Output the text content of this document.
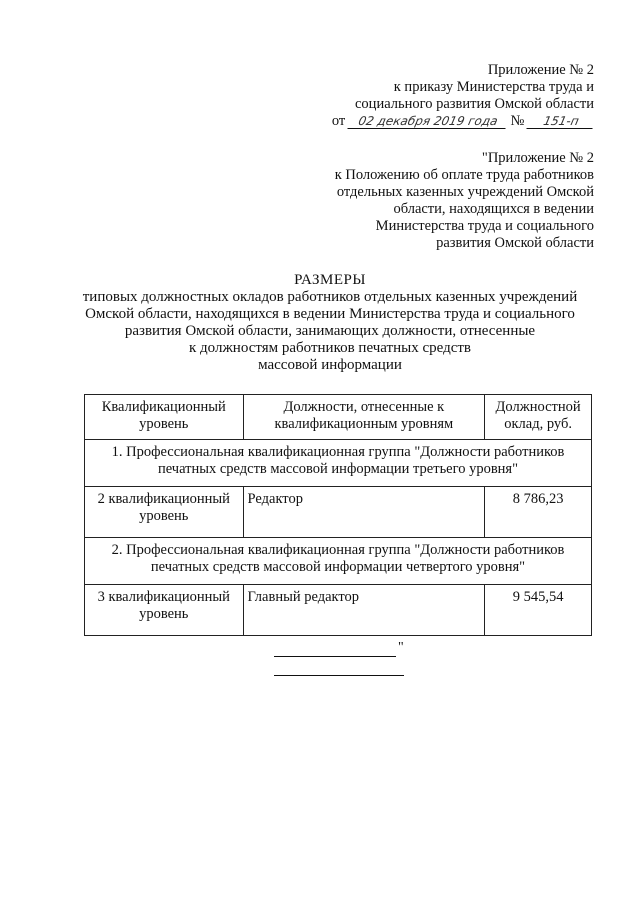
Приложение № 2
к приказу Министерства труда и
социального развития Омской области
от 02 декабря 2019 года № 151-п
"Приложение № 2
к Положению об оплате труда работников
отдельных казенных учреждений Омской
области, находящихся в ведении
Министерства труда и социального
развития Омской области
РАЗМЕРЫ
типовых должностных окладов работников отдельных казенных учреждений
Омской области, находящихся в ведении Министерства труда и социального
развития Омской области, занимающих должности, отнесенные
к должностям работников печатных средств
массовой информации
Квалификационный уровень	Должности, отнесенные к квалификационным уровням	Должностной оклад, руб.
1. Профессиональная квалификационная группа "Должности работников печатных средств массовой информации третьего уровня"		
2 квалификационный уровень	Редактор	8 786,23
2. Профессиональная квалификационная группа "Должности работников печатных средств массовой информации четвертого уровня"		
3 квалификационный уровень	Главный редактор	9 545,54
"
